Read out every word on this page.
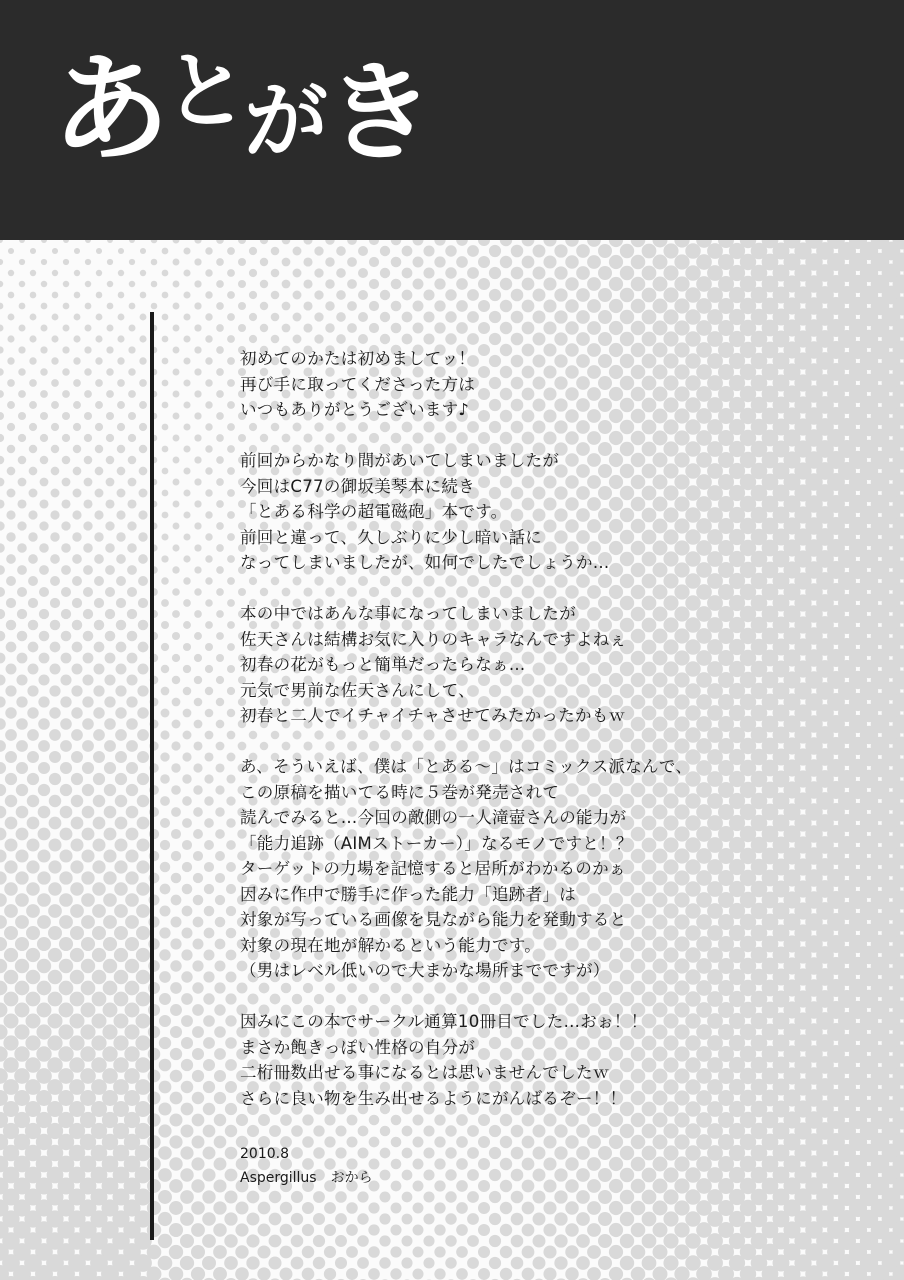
あとがき
初めてのかたは初めましてッ！
再び手に取ってくださった方は
いつもありがとうございます♪
前回からかなり間があいてしまいましたが
今回はC77の御坂美琴本に続き
「とある科学の超電磁砲」本です。
前回と違って、久しぶりに少し暗い話に
なってしまいましたが、如何でしたでしょうか…
本の中ではあんな事になってしまいましたが
佐天さんは結構お気に入りのキャラなんですよねぇ
初春の花がもっと簡単だったらなぁ…
元気で男前な佐天さんにして、
初春と二人でイチャイチャさせてみたかったかもｗ
あ、そういえば、僕は「とある～」はコミックス派なんで、
この原稿を描いてる時に５巻が発売されて
読んでみると…今回の敵側の一人滝壺さんの能力が
「能力追跡（AIMストーカー）」なるモノですと！？
ターゲットの力場を記憶すると居所がわかるのかぁ
因みに作中で勝手に作った能力「追跡者」は
対象が写っている画像を見ながら能力を発動すると
対象の現在地が解かるという能力です。
（男はレベル低いので大まかな場所までですが）
因みにこの本でサークル通算10冊目でした…おぉ！！
まさか飽きっぽい性格の自分が
二桁冊数出せる事になるとは思いませんでしたｗ
さらに良い物を生み出せるようにがんばるぞー！！
2010.8
Aspergillus　おから
